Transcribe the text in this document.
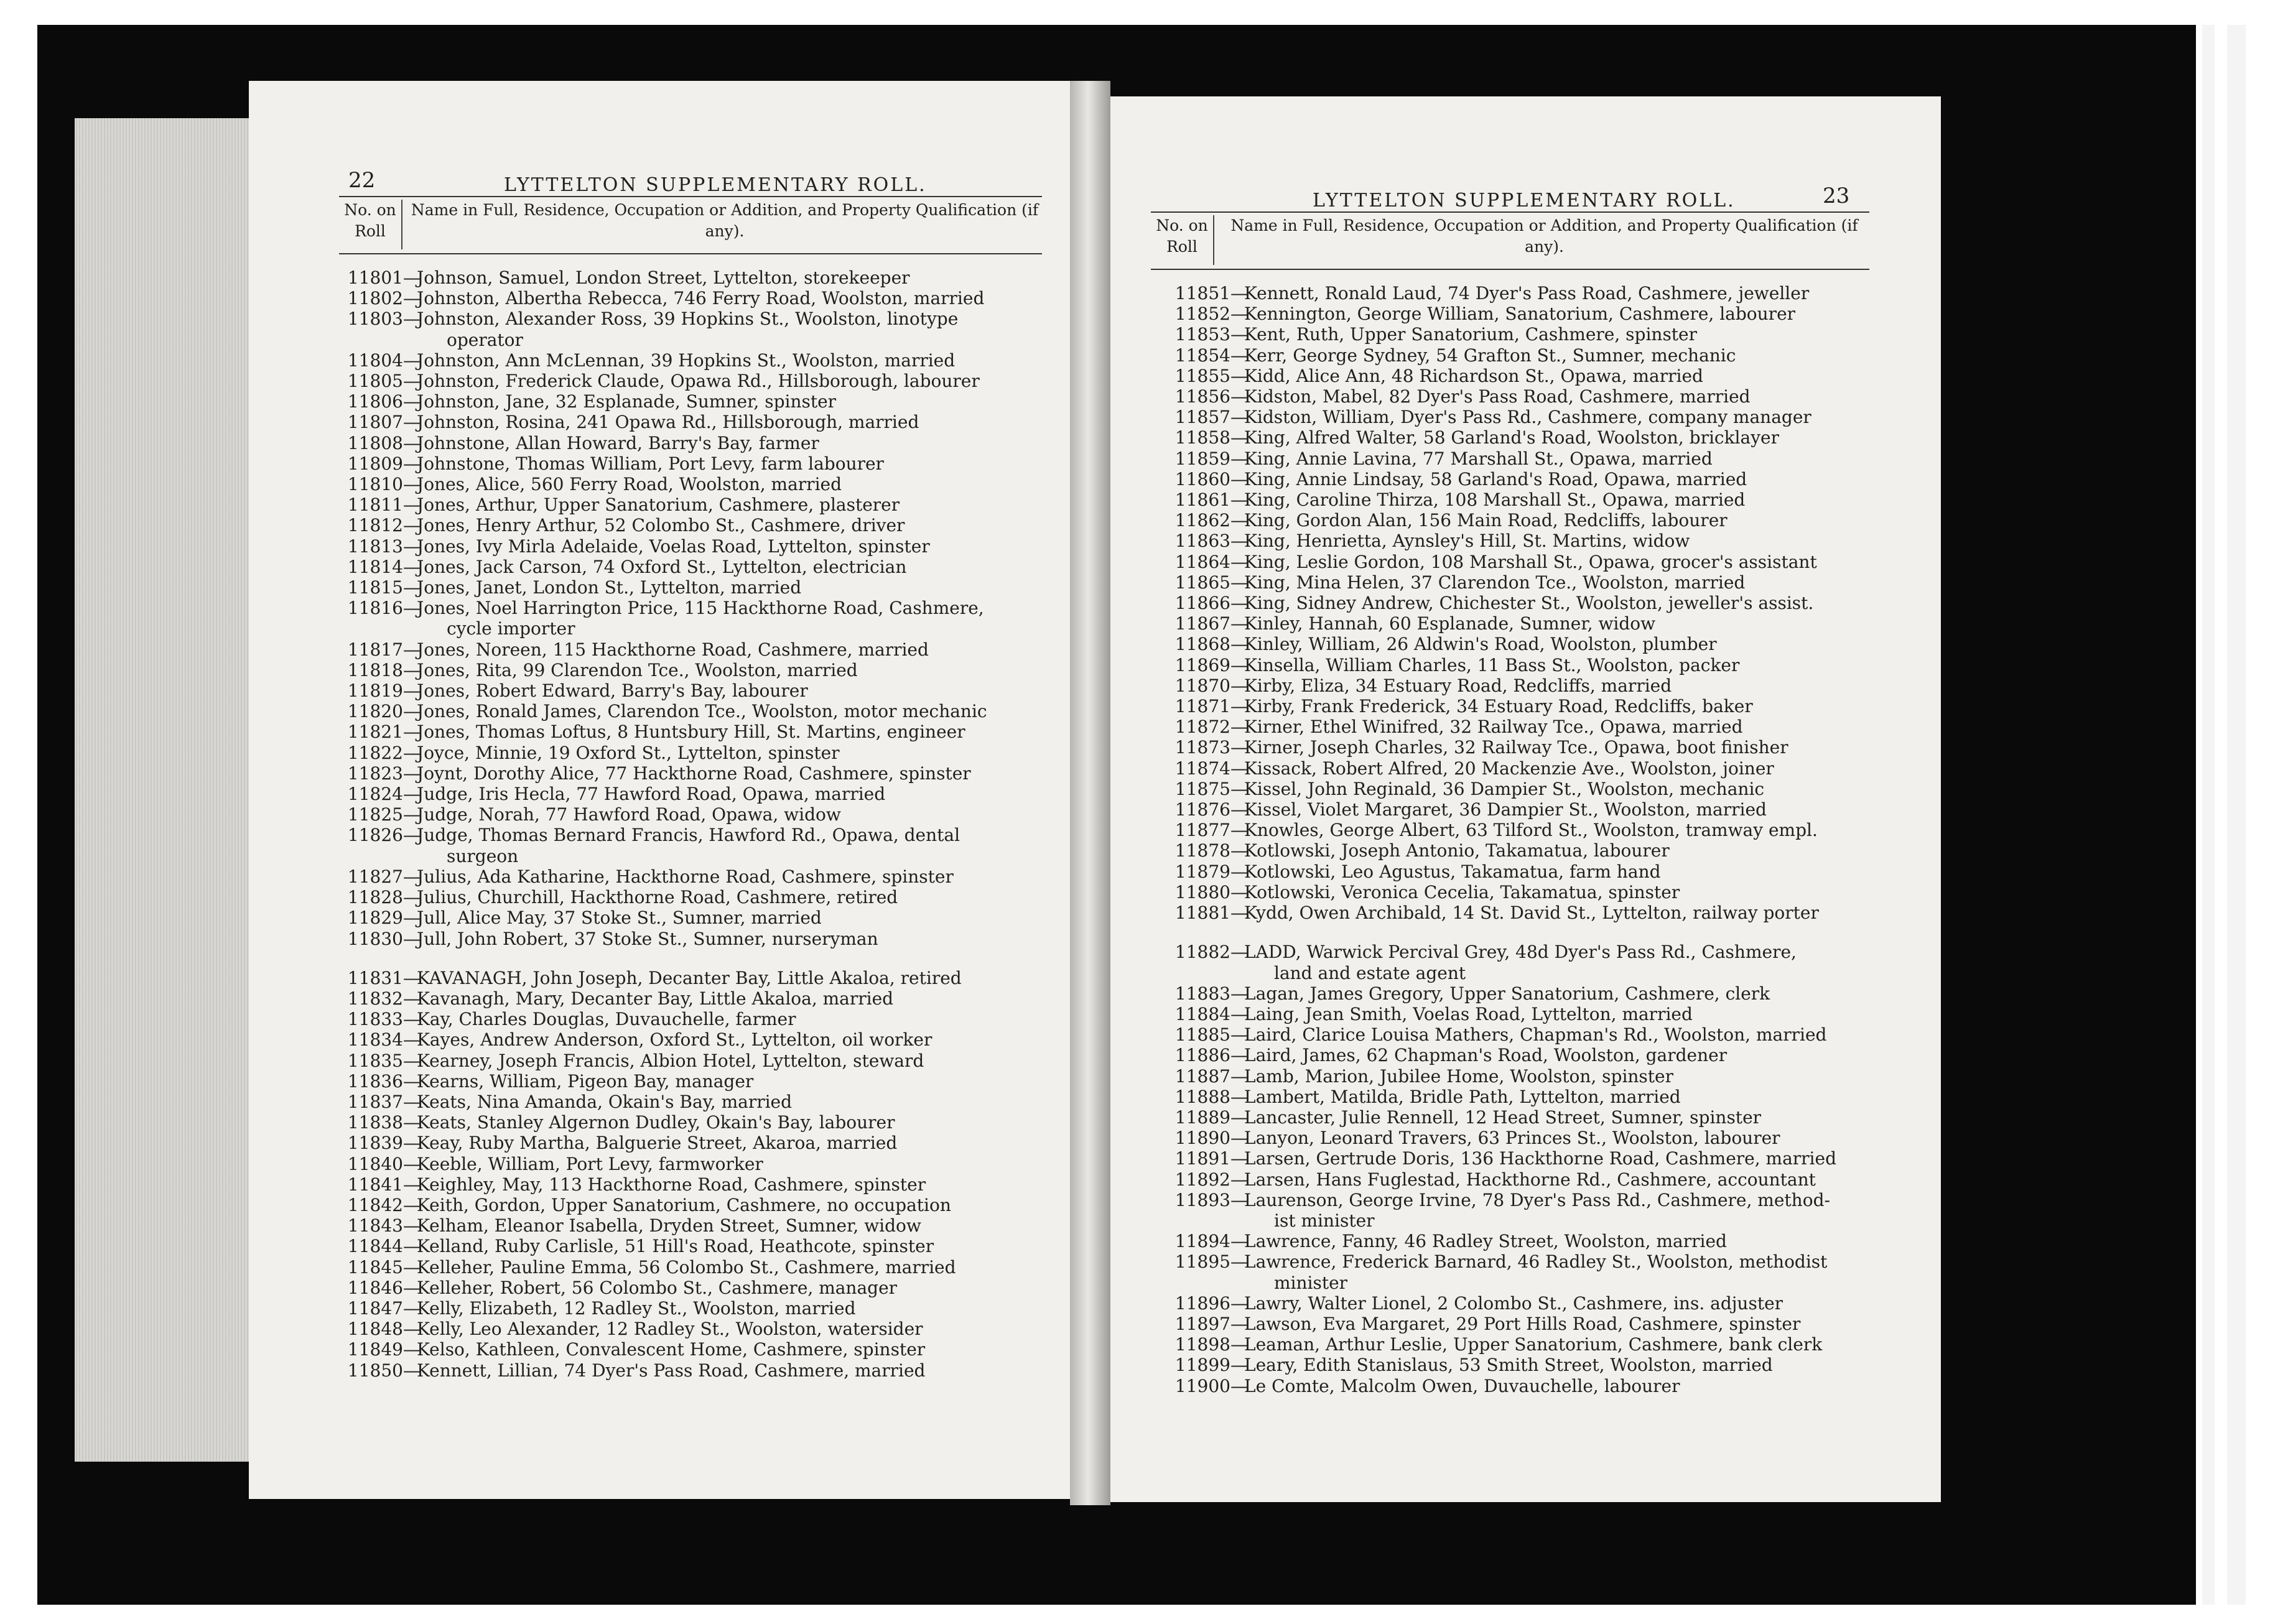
22	LYTTELTON SUPPLEMENTARY ROLL.
No. on Roll
Name in Full, Residence, Occupation or Addition, and Property Qualification (if any).
11801—Johnson, Samuel, London Street, Lyttelton, storekeeper
11802—Johnston, Albertha Rebecca, 746 Ferry Road, Woolston, married
11803—Johnston, Alexander Ross, 39 Hopkins St., Woolston, linotype
operator
11804—Johnston, Ann McLennan, 39 Hopkins St., Woolston, married
11805—Johnston, Frederick Claude, Opawa Rd., Hillsborough, labourer
11806—Johnston, Jane, 32 Esplanade, Sumner, spinster
11807—Johnston, Rosina, 241 Opawa Rd., Hillsborough, married
11808—Johnstone, Allan Howard, Barry's Bay, farmer
11809—Johnstone, Thomas William, Port Levy, farm labourer
11810—Jones, Alice, 560 Ferry Road, Woolston, married
11811—Jones, Arthur, Upper Sanatorium, Cashmere, plasterer
11812—Jones, Henry Arthur, 52 Colombo St., Cashmere, driver
11813—Jones, Ivy Mirla Adelaide, Voelas Road, Lyttelton, spinster
11814—Jones, Jack Carson, 74 Oxford St., Lyttelton, electrician
11815—Jones, Janet, London St., Lyttelton, married
11816—Jones, Noel Harrington Price, 115 Hackthorne Road, Cashmere,
cycle importer
11817—Jones, Noreen, 115 Hackthorne Road, Cashmere, married
11818—Jones, Rita, 99 Clarendon Tce., Woolston, married
11819—Jones, Robert Edward, Barry's Bay, labourer
11820—Jones, Ronald James, Clarendon Tce., Woolston, motor mechanic
11821—Jones, Thomas Loftus, 8 Huntsbury Hill, St. Martins, engineer
11822—Joyce, Minnie, 19 Oxford St., Lyttelton, spinster
11823—Joynt, Dorothy Alice, 77 Hackthorne Road, Cashmere, spinster
11824—Judge, Iris Hecla, 77 Hawford Road, Opawa, married
11825—Judge, Norah, 77 Hawford Road, Opawa, widow
11826—Judge, Thomas Bernard Francis, Hawford Rd., Opawa, dental
surgeon
11827—Julius, Ada Katharine, Hackthorne Road, Cashmere, spinster
11828—Julius, Churchill, Hackthorne Road, Cashmere, retired
11829—Jull, Alice May, 37 Stoke St., Sumner, married
11830—Jull, John Robert, 37 Stoke St., Sumner, nurseryman
11831—KAVANAGH, John Joseph, Decanter Bay, Little Akaloa, retired
11832—Kavanagh, Mary, Decanter Bay, Little Akaloa, married
11833—Kay, Charles Douglas, Duvauchelle, farmer
11834—Kayes, Andrew Anderson, Oxford St., Lyttelton, oil worker
11835—Kearney, Joseph Francis, Albion Hotel, Lyttelton, steward
11836—Kearns, William, Pigeon Bay, manager
11837—Keats, Nina Amanda, Okain's Bay, married
11838—Keats, Stanley Algernon Dudley, Okain's Bay, labourer
11839—Keay, Ruby Martha, Balguerie Street, Akaroa, married
11840—Keeble, William, Port Levy, farmworker
11841—Keighley, May, 113 Hackthorne Road, Cashmere, spinster
11842—Keith, Gordon, Upper Sanatorium, Cashmere, no occupation
11843—Kelham, Eleanor Isabella, Dryden Street, Sumner, widow
11844—Kelland, Ruby Carlisle, 51 Hill's Road, Heathcote, spinster
11845—Kelleher, Pauline Emma, 56 Colombo St., Cashmere, married
11846—Kelleher, Robert, 56 Colombo St., Cashmere, manager
11847—Kelly, Elizabeth, 12 Radley St., Woolston, married
11848—Kelly, Leo Alexander, 12 Radley St., Woolston, watersider
11849—Kelso, Kathleen, Convalescent Home, Cashmere, spinster
11850—Kennett, Lillian, 74 Dyer's Pass Road, Cashmere, married
LYTTELTON SUPPLEMENTARY ROLL.	23
No. on Roll
Name in Full, Residence, Occupation or Addition, and Property Qualification (if any).
11851—Kennett, Ronald Laud, 74 Dyer's Pass Road, Cashmere, jeweller
11852—Kennington, George William, Sanatorium, Cashmere, labourer
11853—Kent, Ruth, Upper Sanatorium, Cashmere, spinster
11854—Kerr, George Sydney, 54 Grafton St., Sumner, mechanic
11855—Kidd, Alice Ann, 48 Richardson St., Opawa, married
11856—Kidston, Mabel, 82 Dyer's Pass Road, Cashmere, married
11857—Kidston, William, Dyer's Pass Rd., Cashmere, company manager
11858—King, Alfred Walter, 58 Garland's Road, Woolston, bricklayer
11859—King, Annie Lavina, 77 Marshall St., Opawa, married
11860—King, Annie Lindsay, 58 Garland's Road, Opawa, married
11861—King, Caroline Thirza, 108 Marshall St., Opawa, married
11862—King, Gordon Alan, 156 Main Road, Redcliffs, labourer
11863—King, Henrietta, Aynsley's Hill, St. Martins, widow
11864—King, Leslie Gordon, 108 Marshall St., Opawa, grocer's assistant
11865—King, Mina Helen, 37 Clarendon Tce., Woolston, married
11866—King, Sidney Andrew, Chichester St., Woolston, jeweller's assist.
11867—Kinley, Hannah, 60 Esplanade, Sumner, widow
11868—Kinley, William, 26 Aldwin's Road, Woolston, plumber
11869—Kinsella, William Charles, 11 Bass St., Woolston, packer
11870—Kirby, Eliza, 34 Estuary Road, Redcliffs, married
11871—Kirby, Frank Frederick, 34 Estuary Road, Redcliffs, baker
11872—Kirner, Ethel Winifred, 32 Railway Tce., Opawa, married
11873—Kirner, Joseph Charles, 32 Railway Tce., Opawa, boot finisher
11874—Kissack, Robert Alfred, 20 Mackenzie Ave., Woolston, joiner
11875—Kissel, John Reginald, 36 Dampier St., Woolston, mechanic
11876—Kissel, Violet Margaret, 36 Dampier St., Woolston, married
11877—Knowles, George Albert, 63 Tilford St., Woolston, tramway empl.
11878—Kotlowski, Joseph Antonio, Takamatua, labourer
11879—Kotlowski, Leo Agustus, Takamatua, farm hand
11880—Kotlowski, Veronica Cecelia, Takamatua, spinster
11881—Kydd, Owen Archibald, 14 St. David St., Lyttelton, railway porter
11882—LADD, Warwick Percival Grey, 48d Dyer's Pass Rd., Cashmere,
land and estate agent
11883—Lagan, James Gregory, Upper Sanatorium, Cashmere, clerk
11884—Laing, Jean Smith, Voelas Road, Lyttelton, married
11885—Laird, Clarice Louisa Mathers, Chapman's Rd., Woolston, married
11886—Laird, James, 62 Chapman's Road, Woolston, gardener
11887—Lamb, Marion, Jubilee Home, Woolston, spinster
11888—Lambert, Matilda, Bridle Path, Lyttelton, married
11889—Lancaster, Julie Rennell, 12 Head Street, Sumner, spinster
11890—Lanyon, Leonard Travers, 63 Princes St., Woolston, labourer
11891—Larsen, Gertrude Doris, 136 Hackthorne Road, Cashmere, married
11892—Larsen, Hans Fuglestad, Hackthorne Rd., Cashmere, accountant
11893—Laurenson, George Irvine, 78 Dyer's Pass Rd., Cashmere, method-
ist minister
11894—Lawrence, Fanny, 46 Radley Street, Woolston, married
11895—Lawrence, Frederick Barnard, 46 Radley St., Woolston, methodist
minister
11896—Lawry, Walter Lionel, 2 Colombo St., Cashmere, ins. adjuster
11897—Lawson, Eva Margaret, 29 Port Hills Road, Cashmere, spinster
11898—Leaman, Arthur Leslie, Upper Sanatorium, Cashmere, bank clerk
11899—Leary, Edith Stanislaus, 53 Smith Street, Woolston, married
11900—Le Comte, Malcolm Owen, Duvauchelle, labourer
